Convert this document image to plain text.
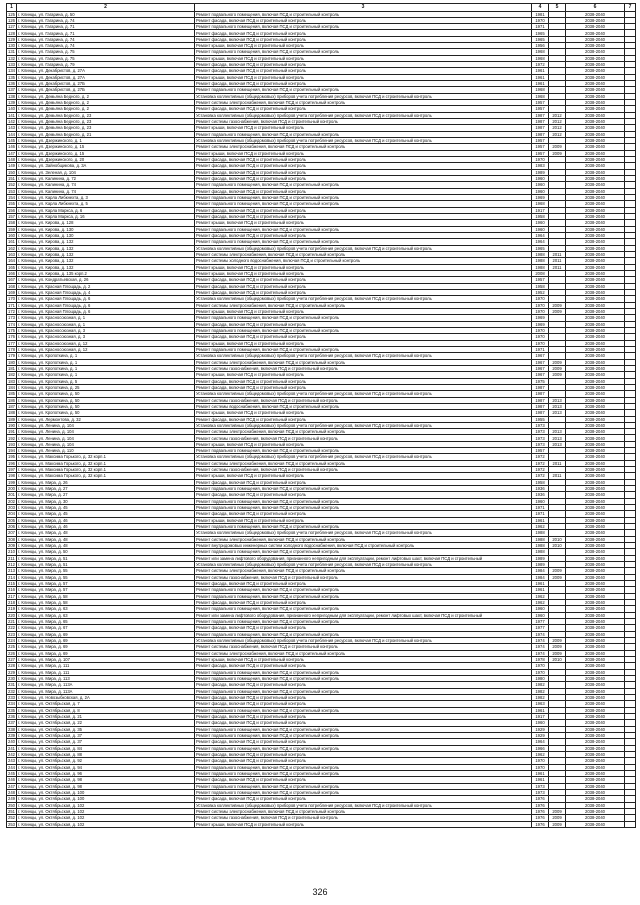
1	2	3	4	5	6	7
125	г. Клинцы, ул. Гагарина, д. 50	Ремонт подвального помещения, включая ПСД и строительный контроль	1981		2038-2040	
126	г. Клинцы, ул. Гагарина, д. 74	Ремонт фасада, включая ПСД и строительный контроль	1970		2038-2040	
127	г. Клинцы, ул. Гагарина, д. 71	Ремонт подвального помещения, включая ПСД и строительный контроль	1971		2038-2040	
128	г. Клинцы, ул. Гагарина, д. 71	Ремонт фасада, включая ПСД и строительный контроль	1965		2038-2040	
129	г. Клинцы, ул. Гагарина, д. 74	Ремонт фасада, включая ПСД и строительный контроль	1965		2038-2040	
130	г. Клинцы, ул. Гагарина, д. 74	Ремонт крыши, включая ПСД и строительный контроль	1956		2038-2040	
131	г. Клинцы, ул. Гагарина, д. 75	Ремонт подвального помещения, включая ПСД и строительный контроль	1968		2038-2040	
132	г. Клинцы, ул. Гагарина, д. 75	Ремонт крыши, включая ПСД и строительный контроль	1968		2038-2040	
133	г. Клинцы, ул. Гагарина, д. 79	Ремонт фасада, включая ПСД и строительный контроль	1972		2038-2040	
134	г. Клинцы, ул. Декабристов, д. 27А	Ремонт фасада, включая ПСД и строительный контроль	1961		2038-2040	
135	г. Клинцы, ул. Декабристов, д. 27А	Ремонт крыши, включая ПСД и строительный контроль	1961		2038-2040	
136	г. Клинцы, ул. Декабристов, д. 27Б	Ремонт фасада, включая ПСД и строительный контроль	1961		2038-2040	
137	г. Клинцы, ул. Декабристов, д. 27Б	Ремонт подвального помещения, включая ПСД и строительный контроль	1968		2038-2040	
138	г. Клинцы, ул. Демьяна Бедного, д. 2	Установка коллективных (общедомовых) приборов учета потребления ресурсов, включая ПСД и строительный контроль	1968		2038-2040	
139	г. Клинцы, ул. Демьяна Бедного, д. 2	Ремонт системы электроснабжения, включая ПСД и строительный контроль	1957		2038-2040	
140	г. Клинцы, ул. Демьяна Бедного, д. 2	Ремонт фасада, включая ПСД и строительный контроль	1957		2038-2040	
141	г. Клинцы, ул. Демьяна Бедного, д. 23	Установка коллективных (общедомовых) приборов учета потребления ресурсов, включая ПСД и строительный контроль	1987	2012	2038-2040	
142	г. Клинцы, ул. Демьяна Бедного, д. 23	Ремонт системы газоснабжения, включая ПСД и строительный контроль	1987	2012	2038-2040	
143	г. Клинцы, ул. Демьяна Бедного, д. 23	Ремонт крыши, включая ПСД и строительный контроль	1987	2012	2038-2040	
144	г. Клинцы, ул. Демьяна Бедного, д. 21	Ремонт подвального помещения, включая ПСД и строительный контроль	1987	2012	2038-2040	
145	г. Клинцы, ул. Дзержинского, д. 1	Установка коллективных (общедомовых) приборов учета потребления ресурсов, включая ПСД и строительный контроль	1957		2038-2040	
146	г. Клинцы, ул. Дзержинского, д. 15	Ремонт системы электроснабжения, включая ПСД и строительный контроль	1957	2009	2038-2040	
147	г. Клинцы, ул. Дзержинского, д. 15	Ремонт крыши, включая ПСД и строительный контроль	1957	2009	2038-2040	
148	г. Клинцы, ул. Дзержинского, д. 20	Ремонт фасада, включая ПСД и строительный контроль	1970		2038-2040	
149	г. Клинцы, ул. Зайнобщикова, д. 3А	Ремонт фасада, включая ПСД и строительный контроль	1983		2038-2040	
150	г. Клинцы, ул. Зеленая, д. 104	Ремонт фасада, включая ПСД и строительный контроль	1989		2038-2040	
151	г. Клинцы, ул. Калинина, д. 72	Ремонт фасада, включая ПСД и строительный контроль	1960		2038-2040	
152	г. Клинцы, ул. Калинина, д. 74	Ремонт подвального помещения, включая ПСД и строительный контроль	1960		2038-2040	
153	г. Клинцы, ул. Калинина, д. 74	Ремонт фасада, включая ПСД и строительный контроль	1960		2038-2040	
154	г. Клинцы, ул. Карла Либкнехта, д. 3	Ремонт подвального помещения, включая ПСД и строительный контроль	1969		2038-2040	
155	г. Клинцы, ул. Карла Либкнехта, д. 5	Ремонт подвального помещения, включая ПСД и строительный контроль	1968		2038-2040	
156	г. Клинцы, ул. Карла Маркса, д. 6	Ремонт фасада, включая ПСД и строительный контроль	1917		2038-2040	
157	г. Клинцы, ул. Карла Маркса, д. 16	Ремонт фасада, включая ПСД и строительный контроль	1958		2038-2040	
158	г. Клинцы, ул. Кирова, д. 128	Ремонт крыши, включая ПСД и строительный контроль	1960		2038-2040	
159	г. Клинцы, ул. Кирова, д. 130	Ремонт подвального помещения, включая ПСД и строительный контроль	1960		2038-2040	
160	г. Клинцы, ул. Кирова, д. 130	Ремонт фасада, включая ПСД и строительный контроль	1964		2038-2040	
161	г. Клинцы, ул. Кирова, д. 132	Ремонт подвального помещения, включая ПСД и строительный контроль	1964		2038-2040	
162	г. Клинцы, ул. Кирова, д. 132	Установка коллективных (общедомовых) приборов учета потребления ресурсов, включая ПСД и строительный контроль	1965		2038-2040	
163	г. Клинцы, ул. Кирова, д. 132	Ремонт системы электроснабжения, включая ПСД и строительный контроль	1988	2011	2038-2040	
164	г. Клинцы, ул. Кирова, д. 132	Ремонт системы холодного водоснабжения, включая ПСД и строительный контроль	1988	2011	2038-2040	
165	г. Клинцы, ул. Кирова, д. 132	Ремонт крыши, включая ПСД и строительный контроль	1988	2011	2038-2040	
166	г. Клинцы, ул. Кирова, д. 135 корп.2	Ремонт крыши, включая ПСД и строительный контроль	2008		2038-2040	
167	г. Клинцы, ул. Кондратьевская, д. 26	Ремонт фасада, включая ПСД и строительный контроль	1957		2038-2040	
168	г. Клинцы, ул. Красная Площадь, д. 2	Ремонт фасада, включая ПСД и строительный контроль	1958		2038-2040	
169	г. Клинцы, ул. Красная Площадь, д. 4	Ремонт фасада, включая ПСД и строительный контроль	1952		2038-2040	
170	г. Клинцы, ул. Красная Площадь, д. 6	Установка коллективных (общедомовых) приборов учета потребления ресурсов, включая ПСД и строительный контроль	1970		2038-2040	
171	г. Клинцы, ул. Красная Площадь, д. 6	Ремонт системы электроснабжения, включая ПСД и строительный контроль	1970	2009	2038-2040	
172	г. Клинцы, ул. Красная Площадь, д. 6	Ремонт крыши, включая ПСД и строительный контроль	1970	2009	2038-2040	
173	г. Клинцы, ул. Красносоюзная, д. 1	Ремонт подвального помещения, включая ПСД и строительный контроль	1969		2038-2040	
174	г. Клинцы, ул. Красносоюзная, д. 1	Ремонт фасада, включая ПСД и строительный контроль	1969		2038-2040	
175	г. Клинцы, ул. Красносоюзная, д. 3	Ремонт подвального помещения, включая ПСД и строительный контроль	1970		2038-2040	
176	г. Клинцы, ул. Красносоюзная, д. 3	Ремонт фасада, включая ПСД и строительный контроль	1970		2038-2040	
177	г. Клинцы, ул. Красносоюзная, д. 12	Ремонт крыши, включая ПСД и строительный контроль	1970		2038-2040	
178	г. Клинцы, ул. Красносоюзная, д. 12	Ремонт подвального помещения, включая ПСД и строительный контроль	1971		2038-2040	
179	г. Клинцы, ул. Кропоткина, д. 1	Установка коллективных (общедомовых) приборов учета потребления ресурсов, включая ПСД и строительный контроль	1967		2038-2040	
180	г. Клинцы, ул. Кропоткина, д. 1	Ремонт системы электроснабжения, включая ПСД и строительный контроль	1967	2009	2038-2040	
181	г. Клинцы, ул. Кропоткина, д. 1	Ремонт системы газоснабжения, включая ПСД и строительный контроль	1967	2009	2038-2040	
182	г. Клинцы, ул. Кропоткина, д. 1	Ремонт крыши, включая ПСД и строительный контроль	1967	2009	2038-2040	
183	г. Клинцы, ул. Кропоткина, д. 5	Ремонт фасада, включая ПСД и строительный контроль	1975		2038-2040	
184	г. Клинцы, ул. Кропоткина, д. 25	Ремонт фасада, включая ПСД и строительный контроль	1987		2038-2040	
185	г. Клинцы, ул. Кропоткина, д. 50	Установка коллективных (общедомовых) приборов учета потребления ресурсов, включая ПСД и строительный контроль	1987		2038-2040	
186	г. Клинцы, ул. Кропоткина, д. 50	Ремонт системы газоснабжения, включая ПСД и строительный контроль	1987	2013	2038-2040	
187	г. Клинцы, ул. Кропоткина, д. 50	Ремонт системы водоснабжения, включая ПСД и строительный контроль	1987	2013	2038-2040	
188	г. Клинцы, ул. Кропоткина, д. 50	Ремонт крыши, включая ПСД и строительный контроль	1987	2013	2038-2040	
189	г. Клинцы, ул. Лермонтова, д. 32	Ремонт фасада, включая ПСД и строительный контроль	1955		2038-2040	
190	г. Клинцы, ул. Ленина, д. 104	Установка коллективных (общедомовых) приборов учета потребления ресурсов, включая ПСД и строительный контроль	1973		2038-2040	
191	г. Клинцы, ул. Ленина, д. 104	Ремонт системы электроснабжения, включая ПСД и строительный контроль	1973	2013	2038-2040	
192	г. Клинцы, ул. Ленина, д. 104	Ремонт системы газоснабжения, включая ПСД и строительный контроль	1973	2013	2038-2040	
193	г. Клинцы, ул. Ленина, д. 104	Ремонт крыши, включая ПСД и строительный контроль	1973	2013	2038-2040	
194	г. Клинцы, ул. Ленина, д. 110	Ремонт подвального помещения, включая ПСД и строительный контроль	1957		2038-2040	
195	г. Клинцы, ул. Максима Горького, д. 32 корп.1	Установка коллективных (общедомовых) приборов учета потребления ресурсов, включая ПСД и строительный контроль	1972		2038-2040	
196	г. Клинцы, ул. Максима Горького, д. 32 корп.1	Ремонт системы электроснабжения, включая ПСД и строительный контроль	1972	2011	2038-2040	
197	г. Клинцы, ул. Максима Горького, д. 32 корп.1	Ремонт системы газоснабжения, включая ПСД и строительный контроль	1972		2038-2040	
198	г. Клинцы, ул. Максима Горького, д. 32 корп.1	Ремонт крыши, включая ПСД и строительный контроль	1972	2011	2038-2040	
199	г. Клинцы, ул. Мира, д. 26	Ремонт фасада, включая ПСД и строительный контроль	1958		2038-2040	
200	г. Клинцы, ул. Мира, д. 27	Ремонт подвального помещения, включая ПСД и строительный контроль	1936		2038-2040	
201	г. Клинцы, ул. Мира, д. 27	Ремонт фасада, включая ПСД и строительный контроль	1936		2038-2040	
202	г. Клинцы, ул. Мира, д. 30	Ремонт подвального помещения, включая ПСД и строительный контроль	1960		2038-2040	
203	г. Клинцы, ул. Мира, д. 45	Ремонт подвального помещения, включая ПСД и строительный контроль	1971		2038-2040	
204	г. Клинцы, ул. Мира, д. 45	Ремонт фасада, включая ПСД и строительный контроль	1971		2038-2040	
205	г. Клинцы, ул. Мира, д. 46	Ремонт крыши, включая ПСД и строительный контроль	1961		2038-2040	
206	г. Клинцы, ул. Мира, д. 46	Ремонт подвального помещения, включая ПСД и строительный контроль	1962		2038-2040	
207	г. Клинцы, ул. Мира, д. 48	Установка коллективных (общедомовых) приборов учета потребления ресурсов, включая ПСД и строительный контроль	1988		2038-2040	
208	г. Клинцы, ул. Мира, д. 48	Ремонт системы электроснабжения, включая ПСД и строительный контроль	1988	2010	2038-2040	
209	г. Клинцы, ул. Мира, д. 48	Ремонт внутридомовых инженерных систем холодного водоснабжения, включая ПСД и строительный контроль	1988	2010	2038-2040	
210	г. Клинцы, ул. Мира, д. 50	Ремонт подвального помещения, включая ПСД и строительный контроль	1988		2038-2040	
211	г. Клинцы, ул. Мира, д. 51	Ремонт или замена лифтового оборудования, признанного непригодным для эксплуатации, ремонт лифтовых шахт, включая ПСД и строительный	1989		2038-2040	
212	г. Клинцы, ул. Мира, д. 51	Установка коллективных (общедомовых) приборов учета потребления ресурсов, включая ПСД и строительный контроль	1989		2038-2040	
213	г. Клинцы, ул. Мира, д. 55	Ремонт системы электроснабжения, включая ПСД и строительный контроль	1984	2009	2038-2040	
214	г. Клинцы, ул. Мира, д. 55	Ремонт системы газоснабжения, включая ПСД и строительный контроль	1984	2009	2038-2040	
215	г. Клинцы, ул. Мира, д. 57	Ремонт фасада, включая ПСД и строительный контроль	1961		2038-2040	
216	г. Клинцы, ул. Мира, д. 57	Ремонт подвального помещения, включая ПСД и строительный контроль	1961		2038-2040	
217	г. Клинцы, ул. Мира, д. 58	Ремонт подвального помещения, включая ПСД и строительный контроль	1962		2038-2040	
218	г. Клинцы, ул. Мира, д. 58	Ремонт фасада, включая ПСД и строительный контроль	1962		2038-2040	
219	г. Клинцы, ул. Мира, д. 63	Ремонт подвального помещения, включая ПСД и строительный контроль	1960		2038-2040	
220	г. Клинцы, ул. Мира, д. 63	Ремонт или замена лифтового оборудования, признанного непригодным для эксплуатации, ремонт лифтовых шахт, включая ПСД и строительный	1960		2038-2040	
221	г. Клинцы, ул. Мира, д. 65	Ремонт подвального помещения, включая ПСД и строительный контроль	1977		2038-2040	
222	г. Клинцы, ул. Мира, д. 67	Ремонт фасада, включая ПСД и строительный контроль	1977		2038-2040	
223	г. Клинцы, ул. Мира, д. 69	Ремонт подвального помещения, включая ПСД и строительный контроль	1974		2038-2040	
224	г. Клинцы, ул. Мира, д. 69	Установка коллективных (общедомовых) приборов учета потребления ресурсов, включая ПСД и строительный контроль	1974	2009	2038-2040	
225	г. Клинцы, ул. Мира, д. 69	Ремонт системы газоснабжения, включая ПСД и строительный контроль	1974	2009	2038-2040	
226	г. Клинцы, ул. Мира, д. 69	Ремонт системы электроснабжения, включая ПСД и строительный контроль	1974	2009	2038-2040	
227	г. Клинцы, ул. Мира, д. 107	Ремонт крыши, включая ПСД и строительный контроль	1978	2010	2038-2040	
228	г. Клинцы, ул. Мира, д. 111	Ремонт фасада, включая ПСД и строительный контроль	1970		2038-2040	
229	г. Клинцы, ул. Мира, д. 111	Ремонт подвального помещения, включая ПСД и строительный контроль	1970		2038-2040	
230	г. Клинцы, ул. Мира, д. 113	Ремонт подвального помещения, включая ПСД и строительный контроль	1980		2038-2040	
231	г. Клинцы, ул. Мира, д. 113А	Ремонт фасада, включая ПСД и строительный контроль	1982		2038-2040	
232	г. Клинцы, ул. Мира, д. 113А	Ремонт подвального помещения, включая ПСД и строительный контроль	1982		2038-2040	
233	г. Клинцы, ул. Новозыбковская, д. 2А	Ремонт фасада, включая ПСД и строительный контроль	1982		2038-2040	
234	г. Клинцы, ул. Октябрьская, д. 7	Ремонт фасада, включая ПСД и строительный контроль	1963		2038-2040	
235	г. Клинцы, ул. Октябрьская, д. 8	Ремонт подвального помещения, включая ПСД и строительный контроль	1961		2038-2040	
236	г. Клинцы, ул. Октябрьская, д. 21	Ремонт фасада, включая ПСД и строительный контроль	1917		2038-2040	
237	г. Клинцы, ул. Октябрьская, д. 22	Ремонт фасада, включая ПСД и строительный контроль	1960		2038-2040	
238	г. Клинцы, ул. Октябрьская, д. 35	Ремонт подвального помещения, включая ПСД и строительный контроль	1929		2038-2040	
239	г. Клинцы, ул. Октябрьская, д. 37	Ремонт подвального помещения, включая ПСД и строительный контроль	1929		2038-2040	
240	г. Клинцы, ул. Октябрьская, д. 37	Ремонт фасада, включая ПСД и строительный контроль	1964		2038-2040	
241	г. Клинцы, ул. Октябрьская, д. 84	Ремонт подвального помещения, включая ПСД и строительный контроль	1966		2038-2040	
242	г. Клинцы, ул. Октябрьская, д. 88	Ремонт фасада, включая ПСД и строительный контроль	1962		2038-2040	
243	г. Клинцы, ул. Октябрьская, д. 92	Ремонт фасада, включая ПСД и строительный контроль	1970		2038-2040	
244	г. Клинцы, ул. Октябрьская, д. 94	Ремонт подвального помещения, включая ПСД и строительный контроль	1970		2038-2040	
245	г. Клинцы, ул. Октябрьская, д. 96	Ремонт подвального помещения, включая ПСД и строительный контроль	1961		2038-2040	
246	г. Клинцы, ул. Октябрьская, д. 98	Ремонт фасада, включая ПСД и строительный контроль	1961		2038-2040	
247	г. Клинцы, ул. Октябрьская, д. 98	Ремонт подвального помещения, включая ПСД и строительный контроль	1973		2038-2040	
248	г. Клинцы, ул. Октябрьская, д. 100	Ремонт подвального помещения, включая ПСД и строительный контроль	1973		2038-2040	
249	г. Клинцы, ул. Октябрьская, д. 100	Ремонт фасада, включая ПСД и строительный контроль	1976		2038-2040	
250	г. Клинцы, ул. Октябрьская, д. 102	Установка коллективных (общедомовых) приборов учета потребления ресурсов, включая ПСД и строительный контроль	1976		2038-2040	
251	г. Клинцы, ул. Октябрьская, д. 102	Ремонт системы электроснабжения, включая ПСД и строительный контроль	1976	2009	2038-2040	
252	г. Клинцы, ул. Октябрьская, д. 102	Ремонт системы газоснабжения, включая ПСД и строительный контроль	1976	2009	2038-2040	
253	г. Клинцы, ул. Октябрьская, д. 102	Ремонт крыши, включая ПСД и строительный контроль	1976	2009	2038-2040	
326
